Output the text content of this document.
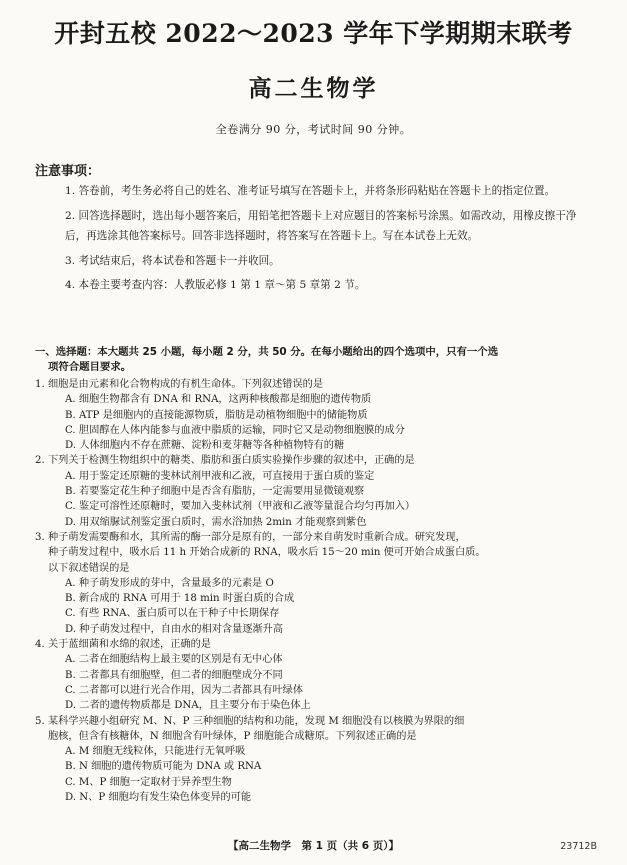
开封五校 2022～2023 学年下学期期末联考
高二生物学
全卷满分 90 分，考试时间 90 分钟。
注意事项：
1. 答卷前，考生务必将自己的姓名、准考证号填写在答题卡上，并将条形码粘贴在答题卡上的指定位置。
2. 回答选择题时，选出每小题答案后，用铅笔把答题卡上对应题目的答案标号涂黑。如需改动，用橡皮擦干净后，再选涂其他答案标号。回答非选择题时，将答案写在答题卡上。写在本试卷上无效。
3. 考试结束后，将本试卷和答题卡一并收回。
4. 本卷主要考查内容：人教版必修 1 第 1 章～第 5 章第 2 节。
一、选择题：本大题共 25 小题，每小题 2 分，共 50 分。在每小题给出的四个选项中，只有一个选
项符合题目要求。
1. 细胞是由元素和化合物构成的有机生命体。下列叙述错误的是
A. 细胞生物都含有 DNA 和 RNA，这两种核酸都是细胞的遗传物质
B. ATP 是细胞内的直接能源物质，脂肪是动植物细胞中的储能物质
C. 胆固醇在人体内能参与血液中脂质的运输，同时它又是动物细胞膜的成分
D. 人体细胞内不存在蔗糖、淀粉和麦芽糖等各种植物特有的糖
2. 下列关于检测生物组织中的糖类、脂肪和蛋白质实验操作步骤的叙述中，正确的是
A. 用于鉴定还原糖的斐林试剂甲液和乙液，可直接用于蛋白质的鉴定
B. 若要鉴定花生种子细胞中是否含有脂肪，一定需要用显微镜观察
C. 鉴定可溶性还原糖时，要加入斐林试剂（甲液和乙液等量混合均匀再加入）
D. 用双缩脲试剂鉴定蛋白质时，需水浴加热 2min 才能观察到紫色
3. 种子萌发需要酶和水，其所需的酶一部分是原有的，一部分来自萌发时重新合成。研究发现，
种子萌发过程中，吸水后 11 h 开始合成新的 RNA，吸水后 15～20 min 便可开始合成蛋白质。
以下叙述错误的是
A. 种子萌发形成的芽中，含量最多的元素是 O
B. 新合成的 RNA 可用于 18 min 时蛋白质的合成
C. 有些 RNA、蛋白质可以在干种子中长期保存
D. 种子萌发过程中，自由水的相对含量逐渐升高
4. 关于蓝细菌和水绵的叙述，正确的是
A. 二者在细胞结构上最主要的区别是有无中心体
B. 二者都具有细胞壁，但二者的细胞壁成分不同
C. 二者都可以进行光合作用，因为二者都具有叶绿体
D. 二者的遗传物质都是 DNA，且主要分布于染色体上
5. 某科学兴趣小组研究 M、N、P 三种细胞的结构和功能，发现 M 细胞没有以核膜为界限的细
胞核，但含有核糖体，N 细胞含有叶绿体，P 细胞能合成糖原。下列叙述正确的是
A. M 细胞无线粒体，只能进行无氧呼吸
B. N 细胞的遗传物质可能为 DNA 或 RNA
C. M、P 细胞一定取材于异养型生物
D. N、P 细胞均有发生染色体变异的可能
【高二生物学　第 1 页（共 6 页）】	23712B
